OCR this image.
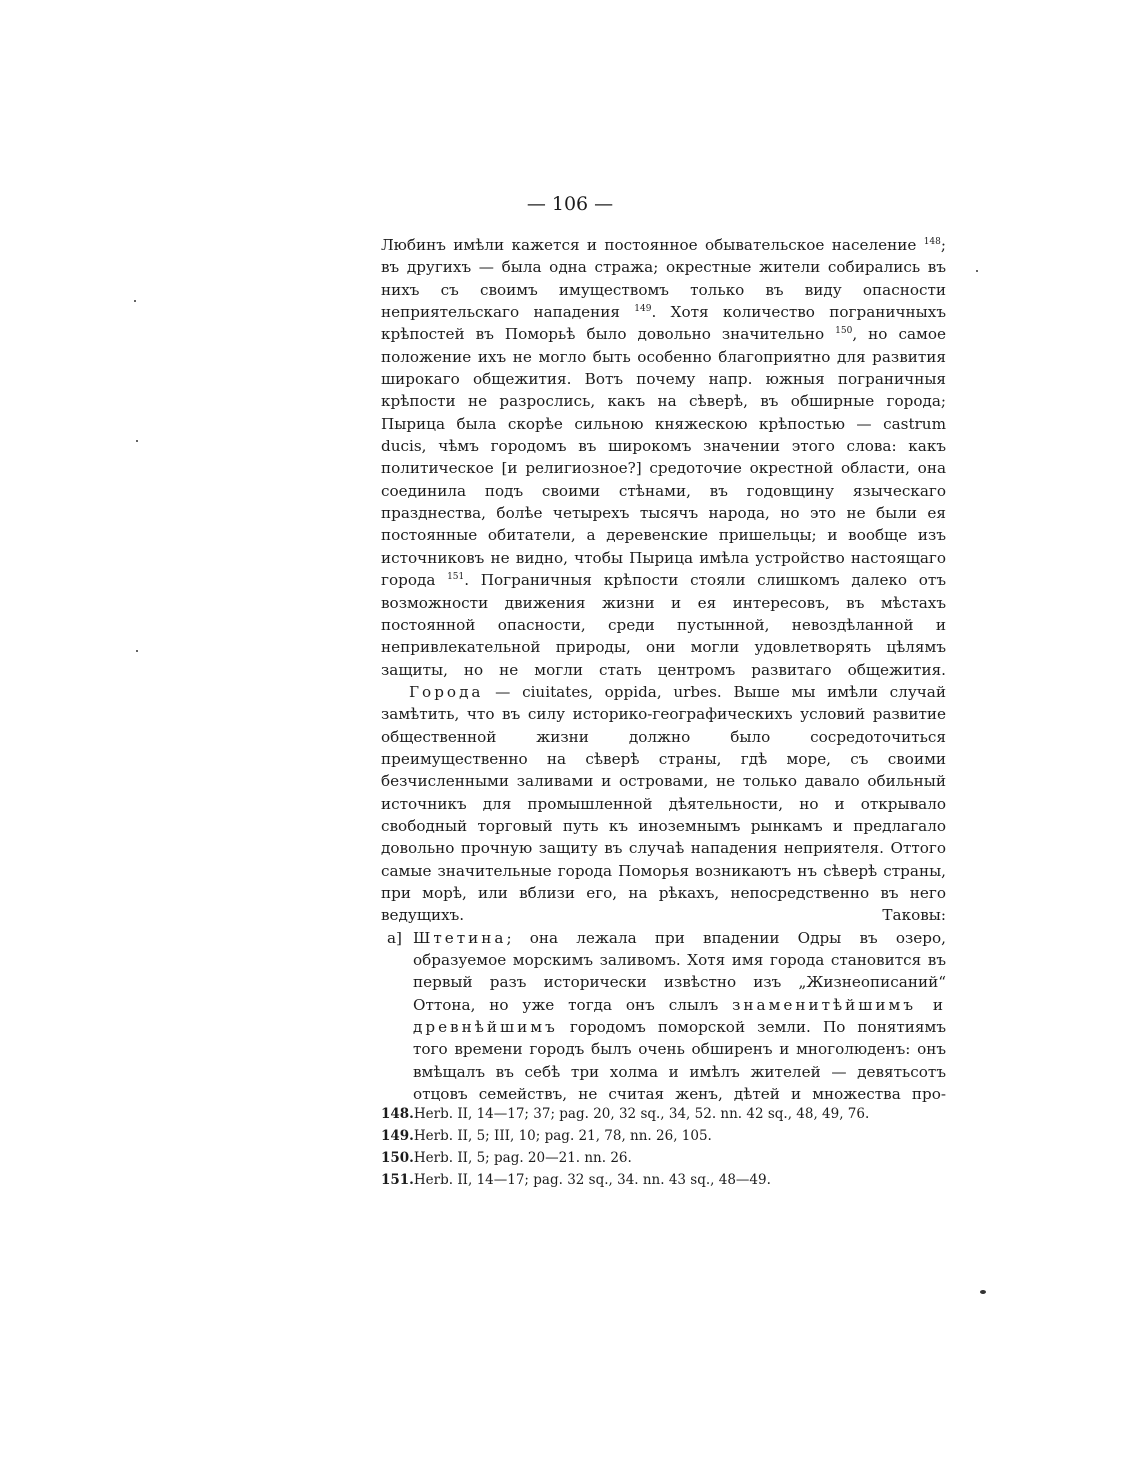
— 106 —

Любинъ имѣли кажется и постоянное обывательское население $^{148}$; въ другихъ — была одна стража; окрестные жители собирались въ нихъ съ своимъ имуществомъ только въ виду опасности неприятельскаго нападения $^{149}$. Хотя количество пограничныхъ крѣпостей въ Поморьѣ было довольно значительно $^{150}$, но самое положение ихъ не могло быть особенно благоприятно для развития широкаго общежития. Вотъ почему напр. южныя пограничныя крѣпости не разрослись, какъ на сѣверѣ, въ обширные города; Пырица была скорѣе сильною княжескою крѣпостью — castrum ducis, чѣмъ городомъ въ широкомъ значении этого слова: какъ политическое [и религиозное?] средоточие окрестной области, она соединила подъ своими стѣнами, въ годовщину языческаго празднества, болѣе четырехъ тысячъ народа, но это не были ея постоянные обитатели, а деревенские пришельцы; и вообще изъ источниковъ не видно, чтобы Пырица имѣла устройство настоящаго города $^{151}$. Пограничныя крѣпости стояли слишкомъ далеко отъ возможности движения жизни и ея интересовъ, въ мѣстахъ постоянной опасности, среди пустынной, невоздѣланной и непривлекательной природы, они могли удовлетворять цѣлямъ защиты, но не могли стать центромъ развитаго общежития.

Города — ciuitates, oppida, urbes. Выше мы имѣли случай замѣтить, что въ силу историко-географическихъ условий развитие общественной жизни должно было сосредоточиться преимущественно на сѣверѣ страны, гдѣ море, съ своими безчисленными заливами и островами, не только давало обильный источникъ для промышленной дѣятельности, но и открывало свободный торговый путь къ иноземнымъ рынкамъ и предлагало довольно прочную защиту въ случаѣ нападения неприятеля. Оттого самые значительные города Поморья возникаютъ нъ сѣверѣ страны, при морѣ, или вблизи его, на рѣкахъ, непосредственно въ него ведущихъ. Таковы:

а] Штетина; она лежала при впадении Одры въ озеро, образуемое морскимъ заливомъ. Хотя имя города становится въ первый разъ исторически извѣстно изъ „Жизнеописаний“ Оттона, но уже тогда онъ слылъ знаменитѣйшимъ и древнѣйшимъ городомъ поморской земли. По понятиямъ того времени городъ былъ очень обширенъ и многолюденъ: онъ вмѣщалъ въ себѣ три холма и имѣлъ жителей — девятьсотъ отцовъ семействъ, не считая женъ, дѣтей и множества про-

148.Herb. II, 14—17; 37; pag. 20, 32 sq., 34, 52. nn. 42 sq., 48, 49, 76.
149.Herb. II, 5; III, 10; pag. 21, 78, nn. 26, 105.
150.Herb. II, 5; pag. 20—21. nn. 26.
151.Herb. II, 14—17; pag. 32 sq., 34. nn. 43 sq., 48—49.
